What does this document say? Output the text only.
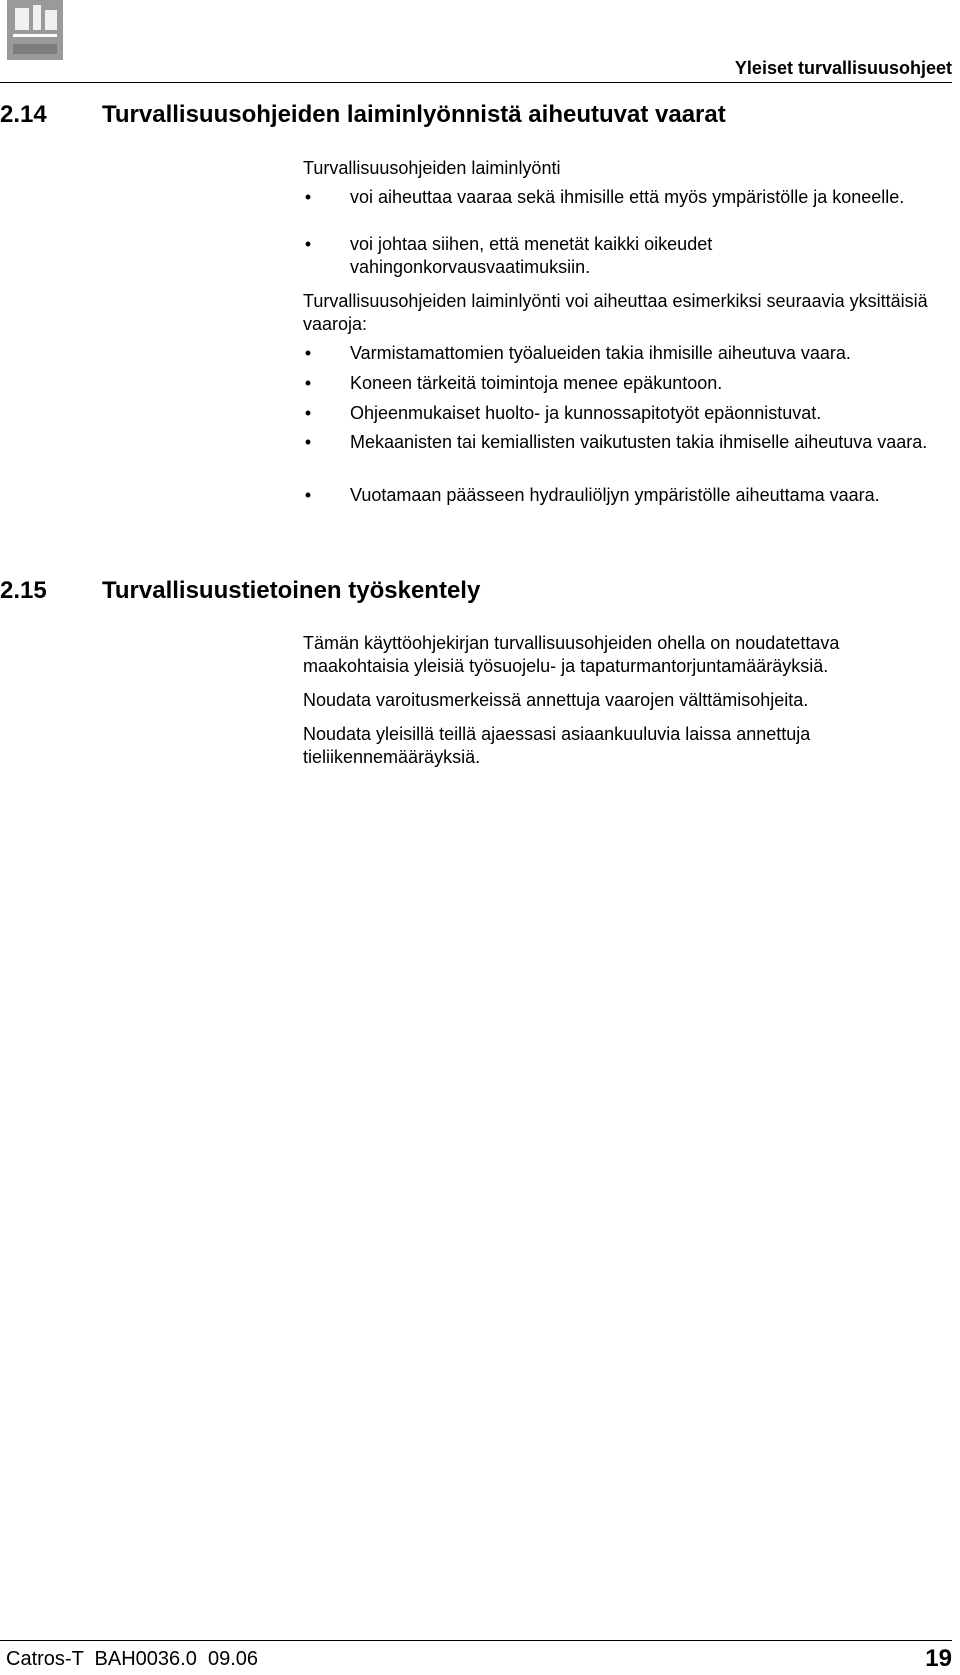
Yleiset turvallisuusohjeet
2.14 Turvallisuusohjeiden laiminlyönnistä aiheutuvat vaarat
Turvallisuusohjeiden laiminlyönti
• voi aiheuttaa vaaraa sekä ihmisille että myös ympäristölle ja koneelle.
• voi johtaa siihen, että menetät kaikki oikeudet vahingonkorvausvaatimuksiin.
Turvallisuusohjeiden laiminlyönti voi aiheuttaa esimerkiksi seuraavia yksittäisiä vaaroja:
• Varmistamattomien työalueiden takia ihmisille aiheutuva vaara.
• Koneen tärkeitä toimintoja menee epäkuntoon.
• Ohjeenmukaiset huolto- ja kunnossapitotyöt epäonnistuvat.
• Mekaanisten tai kemiallisten vaikutusten takia ihmiselle aiheutuva vaara.
• Vuotamaan päässeen hydrauliöljyn ympäristölle aiheuttama vaara.
2.15 Turvallisuustietoinen työskentely
Tämän käyttöohjekirjan turvallisuusohjeiden ohella on noudatettava maakohtaisia yleisiä työsuojelu- ja tapaturmantorjuntamääräyksiä.
Noudata varoitusmerkeissä annettuja vaarojen välttämisohjeita.
Noudata yleisillä teillä ajaessasi asiaankuuluvia laissa annettuja tieliikennemääräyksiä.
Catros-T  BAH0036.0  09.06	19
